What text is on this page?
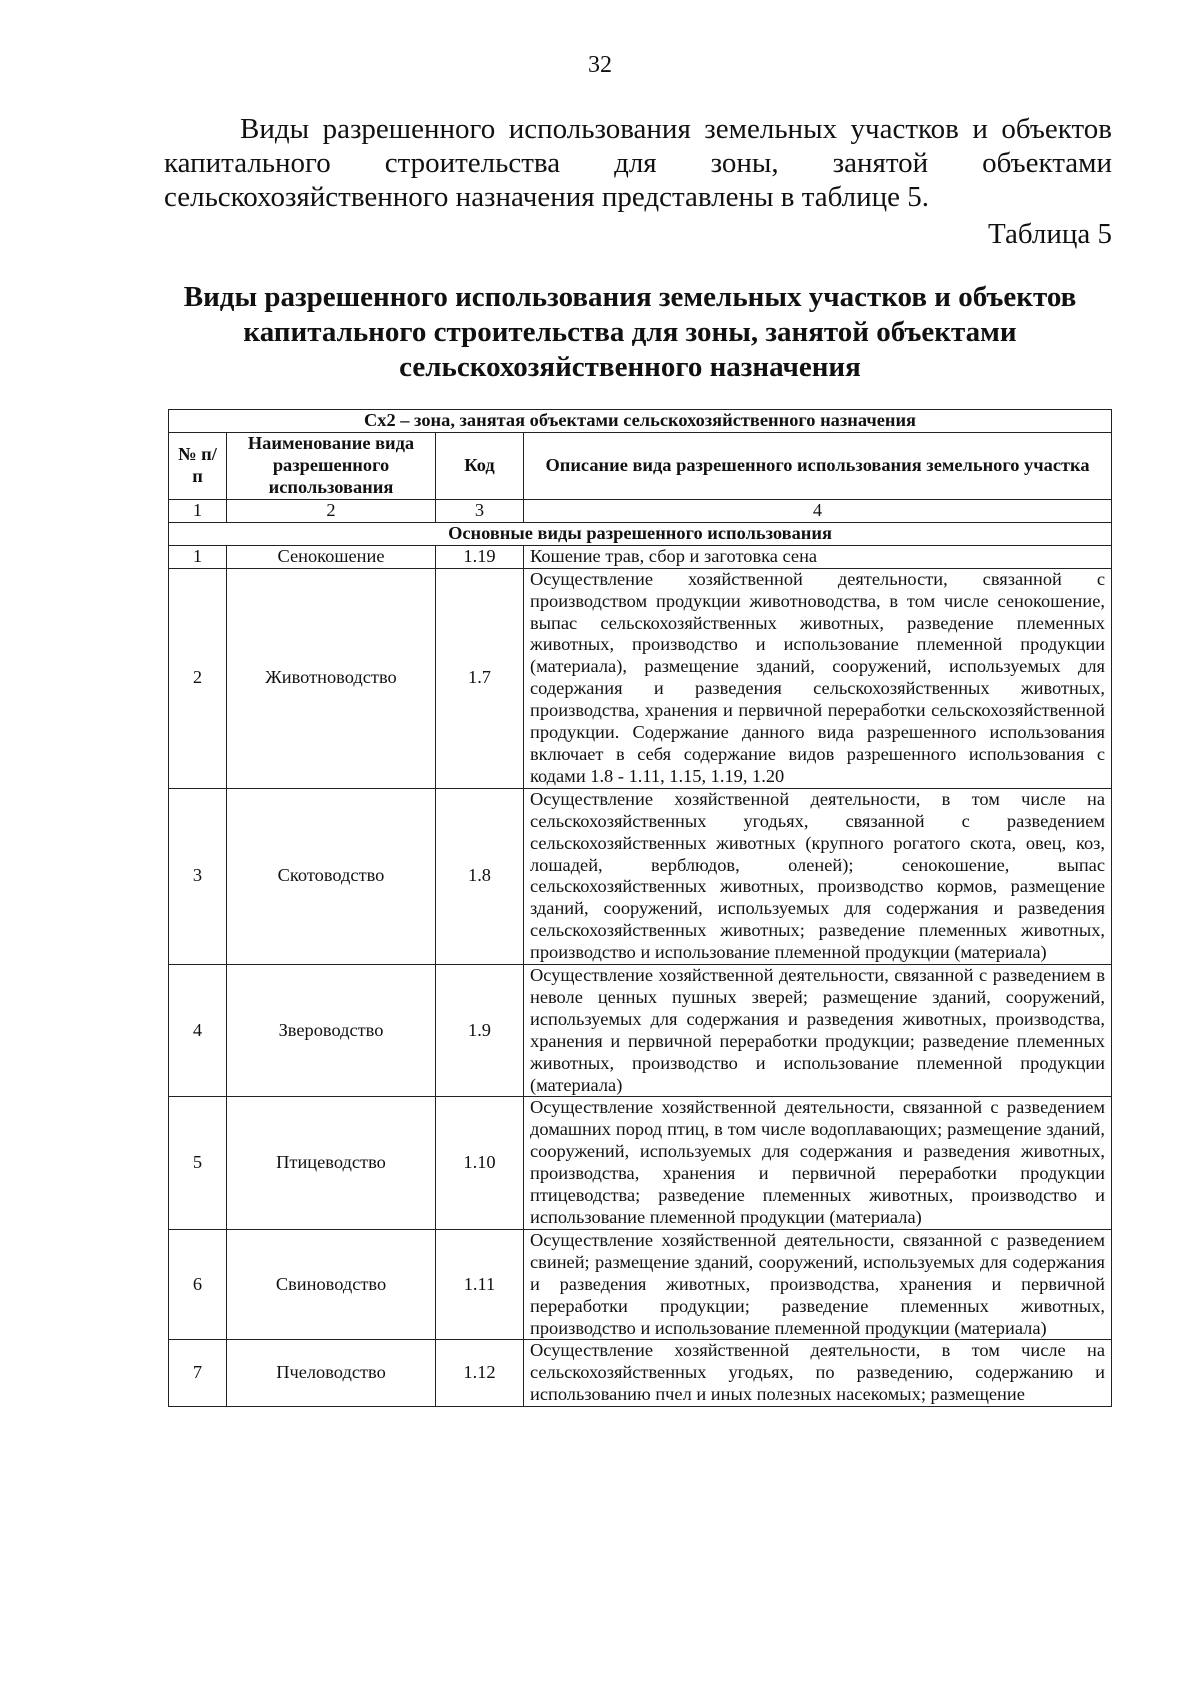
32

Виды разрешенного использования земельных участков и объектов капитального строительства для зоны, занятой объектами сельскохозяйственного назначения представлены в таблице 5.

Таблица 5
Виды разрешенного использования земельных участков и объектов капитального строительства для зоны, занятой объектами сельскохозяйственного назначения
Сх2 – зона, занятая объектами сельскохозяйственного назначения			
№ п/п	Наименование вида разрешенного использования	Код	Описание вида разрешенного использования земельного участка
1	2	3	4
Основные виды разрешенного использования			
1	Сенокошение	1.19	Кошение трав, сбор и заготовка сена
2	Животноводство	1.7	Осуществление хозяйственной деятельности, связанной с производством продукции животноводства, в том числе сенокошение, выпас сельскохозяйственных животных, разведение племенных животных, производство и использование племенной продукции (материала), размещение зданий, сооружений, используемых для содержания и разведения сельскохозяйственных животных, производства, хранения и первичной переработки сельскохозяйственной продукции. Содержание данного вида разрешенного использования включает в себя содержание видов разрешенного использования с кодами 1.8 - 1.11, 1.15, 1.19, 1.20
3	Скотоводство	1.8	Осуществление хозяйственной деятельности, в том числе на сельскохозяйственных угодьях, связанной с разведением сельскохозяйственных животных (крупного рогатого скота, овец, коз, лошадей, верблюдов, оленей); сенокошение, выпас сельскохозяйственных животных, производство кормов, размещение зданий, сооружений, используемых для содержания и разведения сельскохозяйственных животных; разведение племенных животных, производство и использование племенной продукции (материала)
4	Звероводство	1.9	Осуществление хозяйственной деятельности, связанной с разведением в неволе ценных пушных зверей; размещение зданий, сооружений, используемых для содержания и разведения животных, производства, хранения и первичной переработки продукции; разведение племенных животных, производство и использование племенной продукции (материала)
5	Птицеводство	1.10	Осуществление хозяйственной деятельности, связанной с разведением домашних пород птиц, в том числе водоплавающих; размещение зданий, сооружений, используемых для содержания и разведения животных, производства, хранения и первичной переработки продукции птицеводства; разведение племенных животных, производство и использование племенной продукции (материала)
6	Свиноводство	1.11	Осуществление хозяйственной деятельности, связанной с разведением свиней; размещение зданий, сооружений, используемых для содержания и разведения животных, производства, хранения и первичной переработки продукции; разведение племенных животных, производство и использование племенной продукции (материала)
7	Пчеловодство	1.12	Осуществление хозяйственной деятельности, в том числе на сельскохозяйственных угодьях, по разведению, содержанию и использованию пчел и иных полезных насекомых; размещение
